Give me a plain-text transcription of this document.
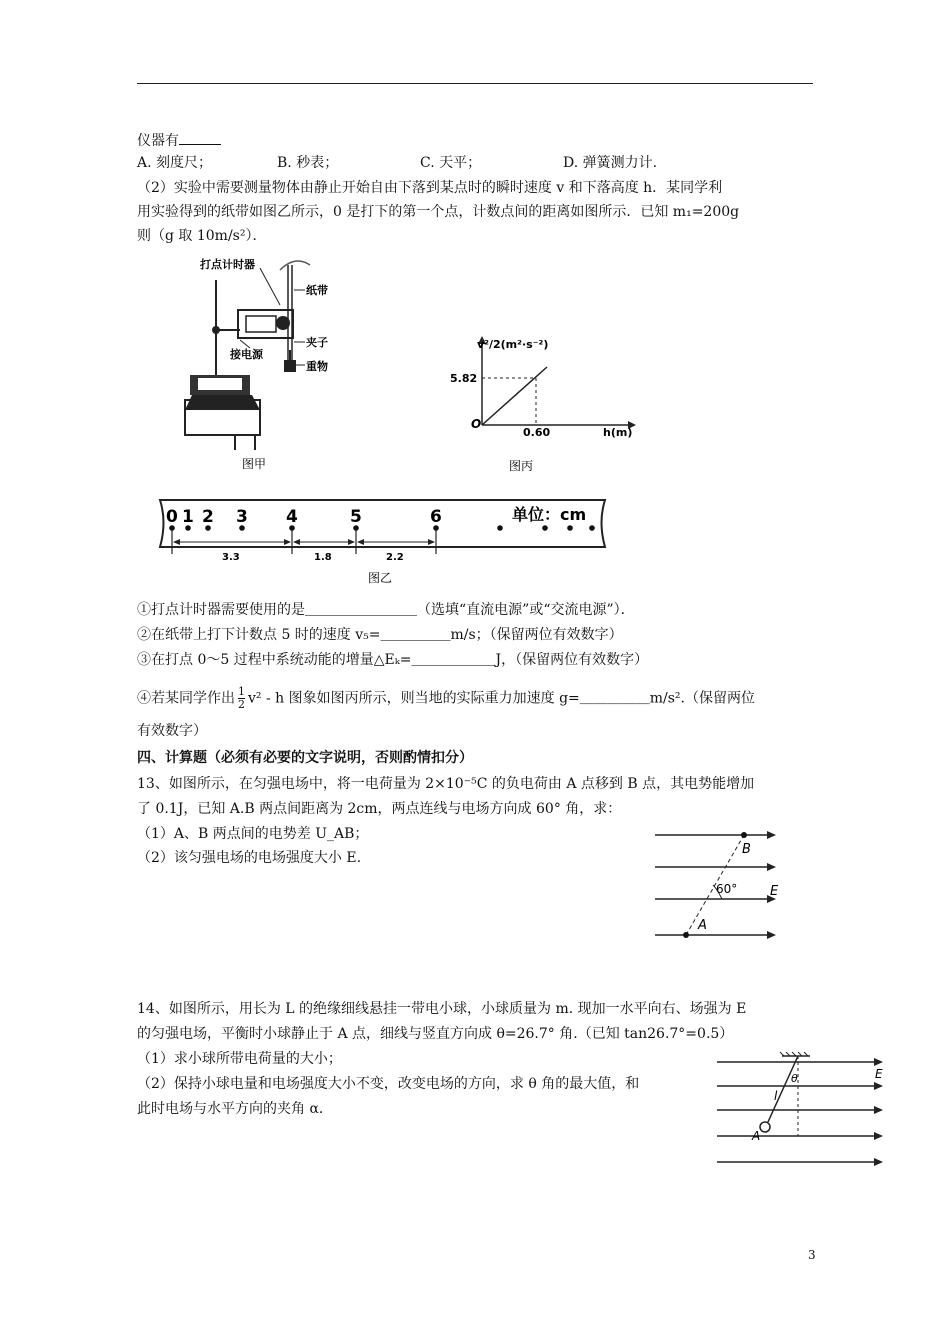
仪器有
A. 刻度尺；	B. 秒表；	C. 天平；	D. 弹簧测力计.
（2）实验中需要测量物体由静止开始自由下落到某点时的瞬时速度 v 和下落高度 h．某同学利
用实验得到的纸带如图乙所示，0 是打下的第一个点，计数点间的距离如图所示．已知 m₁=200g
则（g 取 10m/s²）．
打点计时器
纸带
夹子
接电源
重物
图甲
v²/2(m²·s⁻²)
5.82
O
0.60	h(m)
图丙
0 1 2 3 4	5	6	单位：cm
3.3	1.8	2.2
图乙
①打点计时器需要使用的是＿＿＿＿＿＿＿＿（选填“直流电源”或“交流电源”）．
②在纸带上打下计数点 5 时的速度 v₅=＿＿＿＿＿m/s；（保留两位有效数字）
③在打点 0～5 过程中系统动能的增量△Eₖ=＿＿＿＿＿＿J，（保留两位有效数字）
④若某同学作出 $\frac{1}{2} v^2$ - h 图象如图丙所示，则当地的实际重力加速度 g=＿＿＿＿＿m/s².（保留两位
有效数字）
四、计算题（必须有必要的文字说明，否则酌情扣分）
13、如图所示，在匀强电场中，将一电荷量为 2×10⁻⁵C 的负电荷由 A 点移到 B 点，其电势能增加
了 0.1J，已知 A.B 两点间距离为 2cm，两点连线与电场方向成 60° 角，求：
（1）A、B 两点间的电势差 U_AB；
（2）该匀强电场的电场强度大小 E.
B
A
E
60°
14、如图所示，用长为 L 的绝缘细线悬挂一带电小球，小球质量为 m. 现加一水平向右、场强为 E
的匀强电场，平衡时小球静止于 A 点，细线与竖直方向成 θ=26.7° 角.（已知 tan26.7°=0.5）
（1）求小球所带电荷量的大小；
（2）保持小球电量和电场强度大小不变，改变电场的方向，求 θ 角的最大值，和
此时电场与水平方向的夹角 α．
A
l
θ	E
3
